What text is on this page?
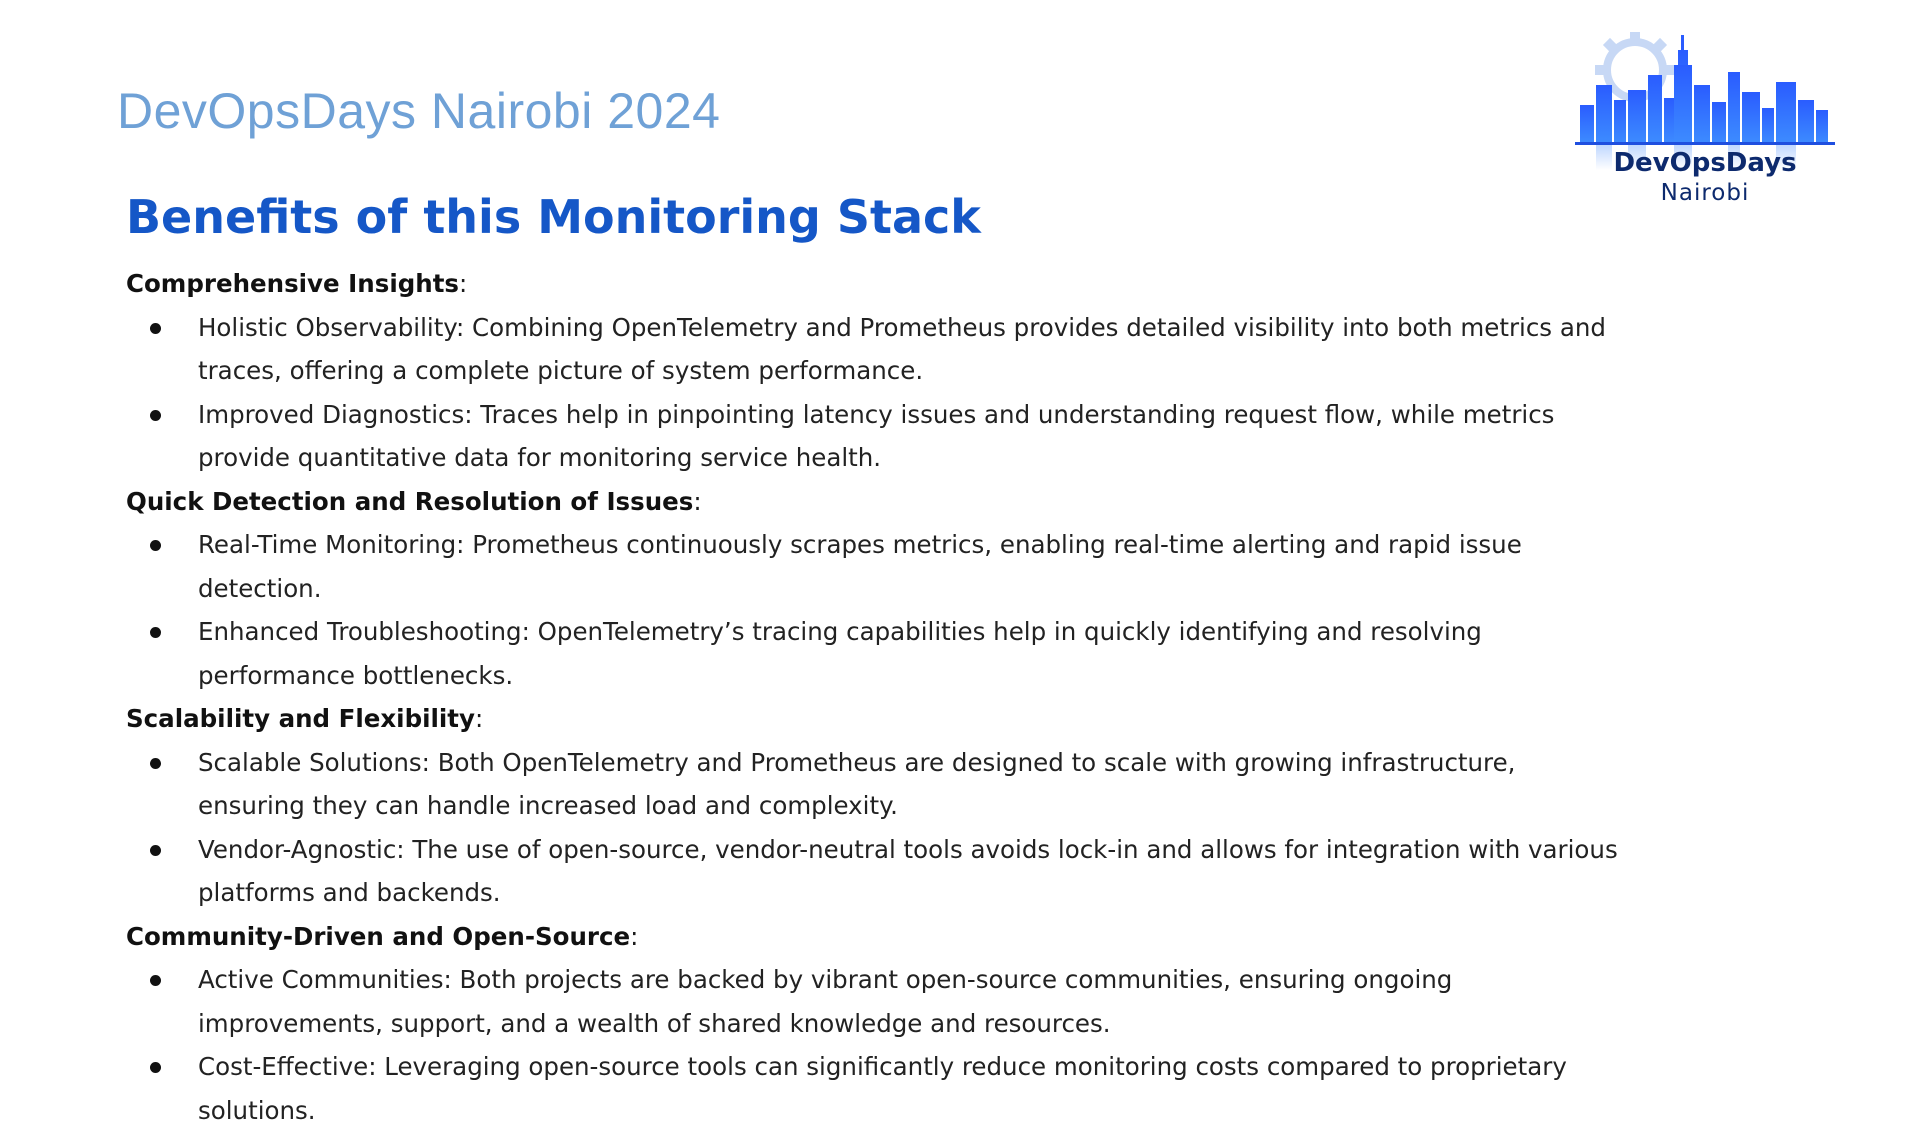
DevOpsDays Nairobi 2024
DevOpsDays
Nairobi
Benefits of this Monitoring Stack
Comprehensive Insights:
Holistic Observability: Combining OpenTelemetry and Prometheus provides detailed visibility into both metrics and traces, offering a complete picture of system performance.
Improved Diagnostics: Traces help in pinpointing latency issues and understanding request flow, while metrics provide quantitative data for monitoring service health.
Quick Detection and Resolution of Issues:
Real-Time Monitoring: Prometheus continuously scrapes metrics, enabling real-time alerting and rapid issue detection.
Enhanced Troubleshooting: OpenTelemetry’s tracing capabilities help in quickly identifying and resolving performance bottlenecks.
Scalability and Flexibility:
Scalable Solutions: Both OpenTelemetry and Prometheus are designed to scale with growing infrastructure, ensuring they can handle increased load and complexity.
Vendor-Agnostic: The use of open-source, vendor-neutral tools avoids lock-in and allows for integration with various platforms and backends.
Community-Driven and Open-Source:
Active Communities: Both projects are backed by vibrant open-source communities, ensuring ongoing improvements, support, and a wealth of shared knowledge and resources.
Cost-Effective: Leveraging open-source tools can significantly reduce monitoring costs compared to proprietary solutions.
